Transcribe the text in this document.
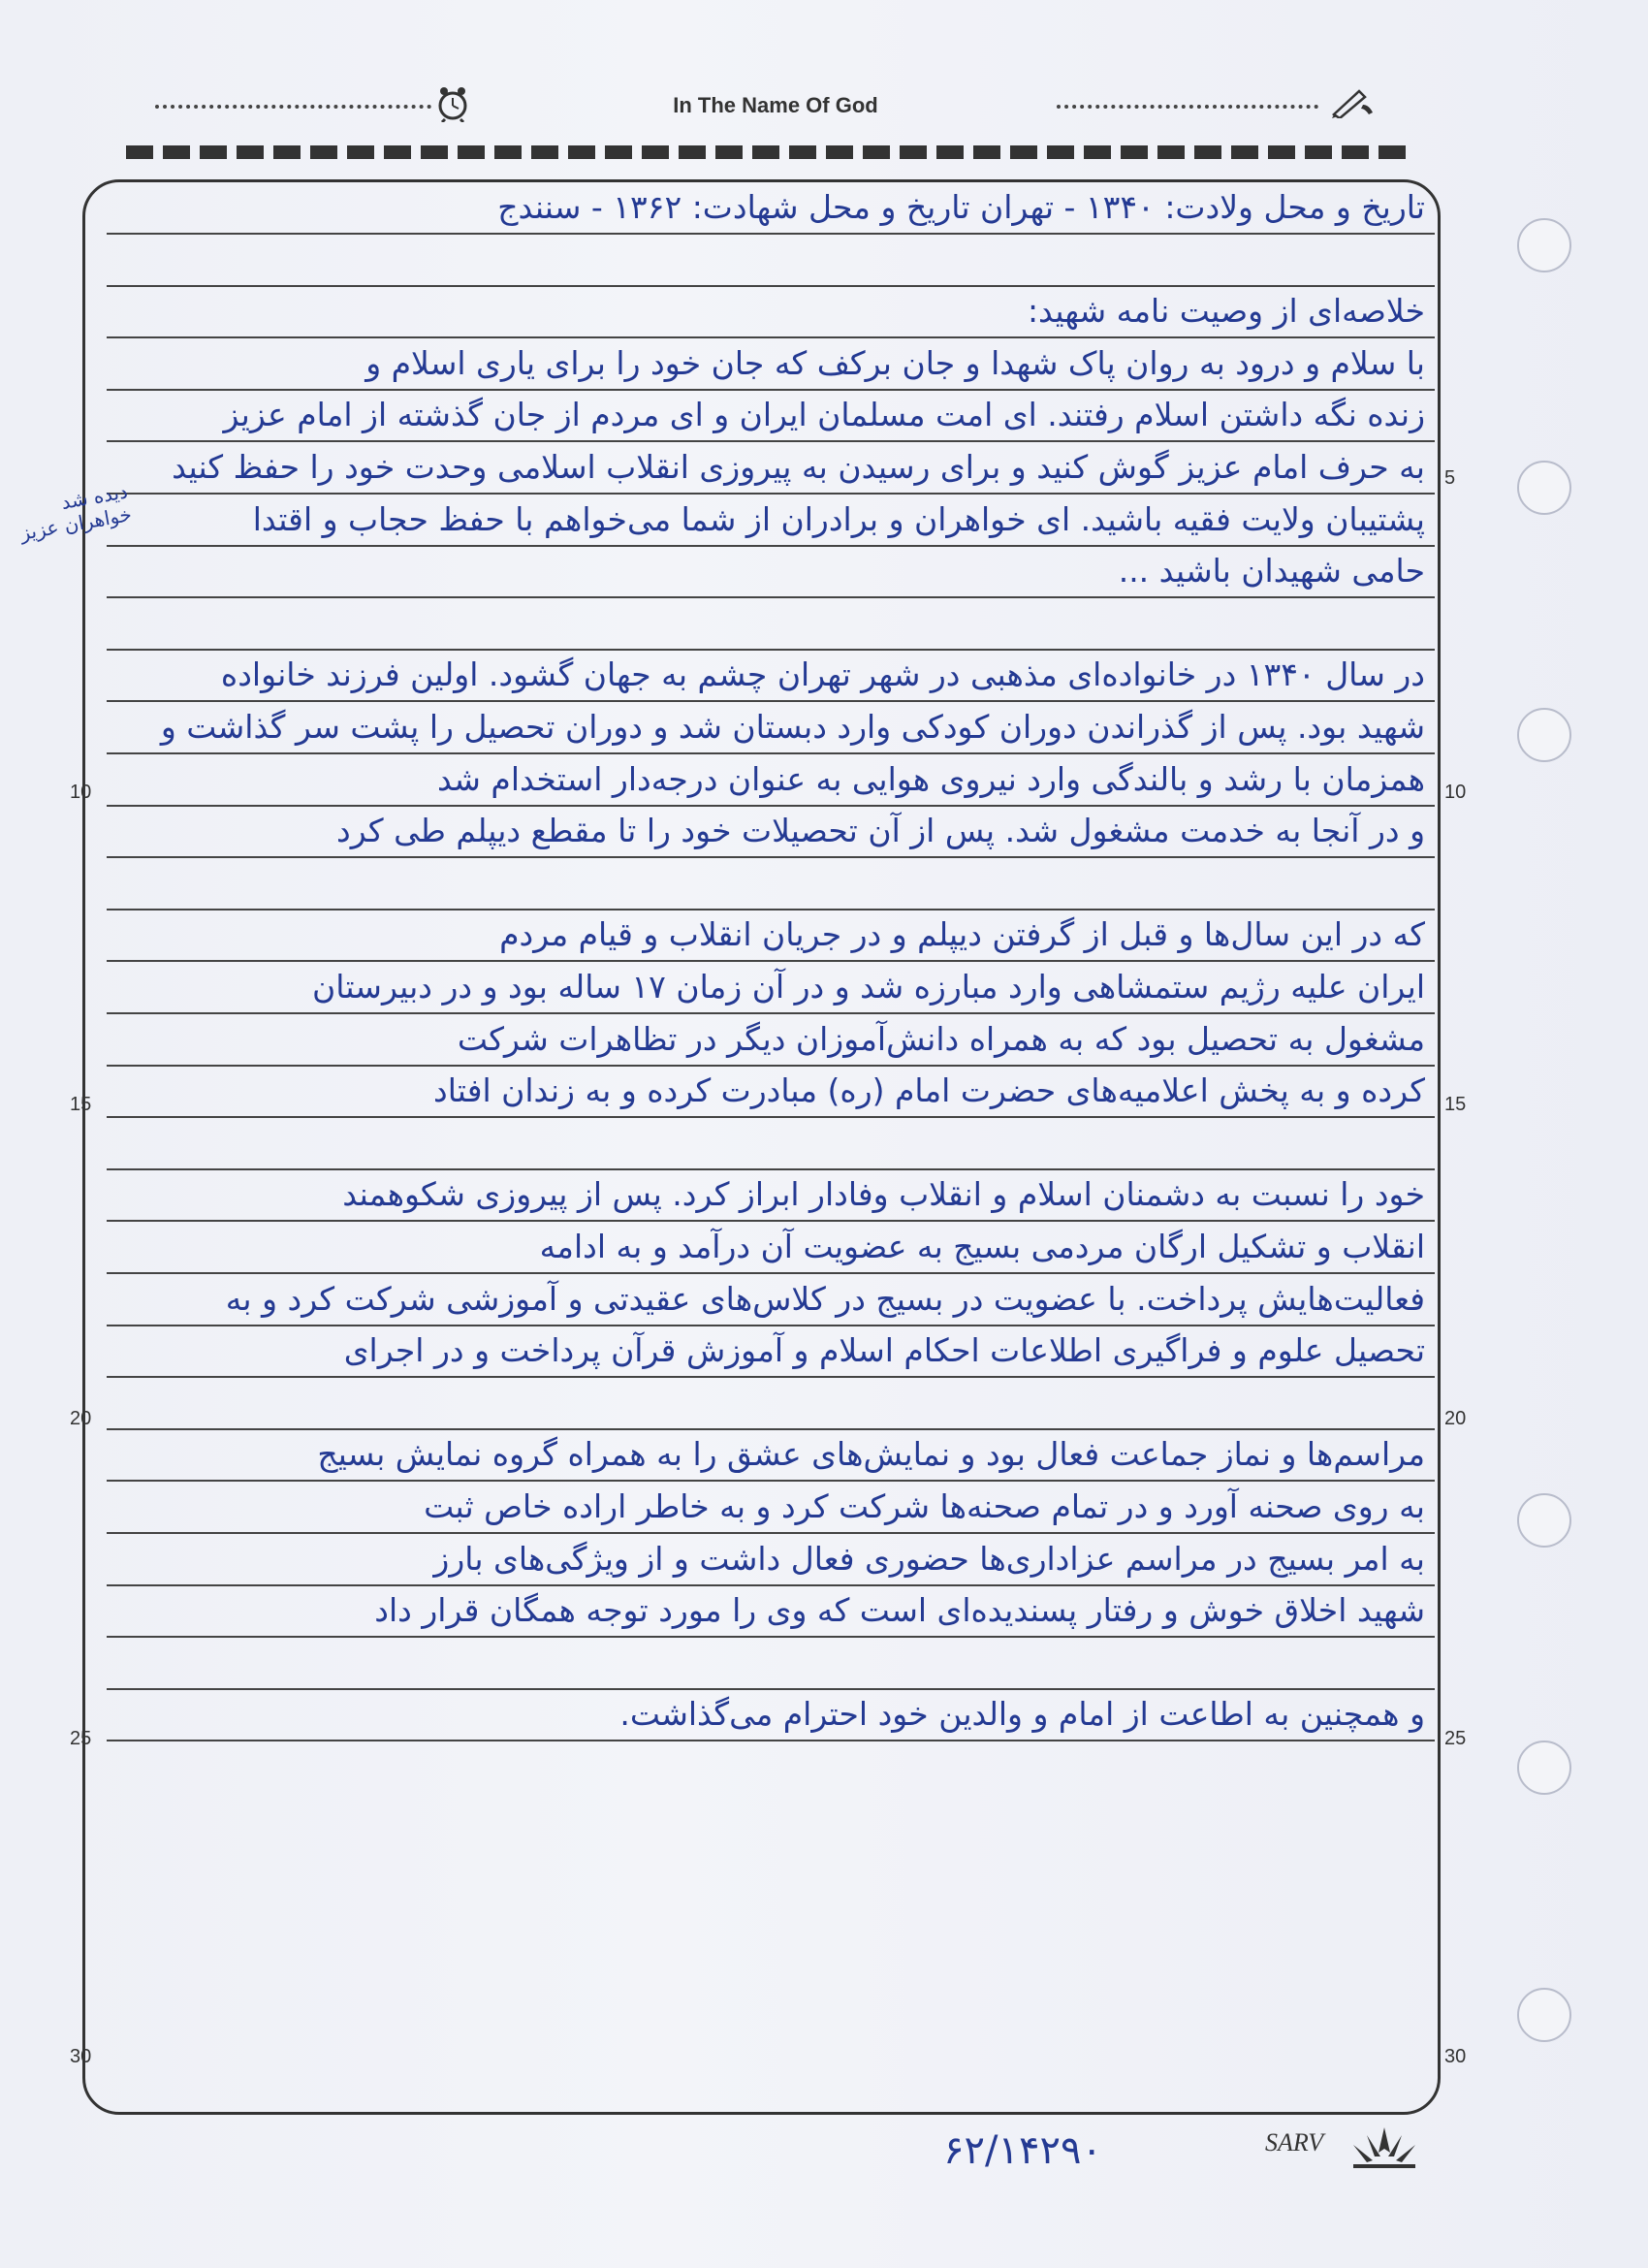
In The Name Of God
5
10	10
15	15
20	20
25	25
30	30
تاریخ و محل ولادت: ۱۳۴۰ - تهران تاریخ و محل شهادت: ۱۳۶۲ - سنندج
خلاصه‌ای از وصیت نامه شهید:
با سلام و درود به روان پاک شهدا و جان برکف که جان خود را برای یاری اسلام و
زنده نگه داشتن اسلام رفتند. ای امت مسلمان ایران و ای مردم از جان گذشته از امام عزیز
به حرف امام عزیز گوش کنید و برای رسیدن به پیروزی انقلاب اسلامی وحدت خود را حفظ کنید
پشتیبان ولایت فقیه باشید. ای خواهران و برادران از شما می‌خواهم با حفظ حجاب و اقتدا
حامی شهیدان باشید ...
در سال ۱۳۴۰ در خانواده‌ای مذهبی در شهر تهران چشم به جهان گشود. اولین فرزند خانواده
شهید بود. پس از گذراندن دوران کودکی وارد دبستان شد و دوران تحصیل را پشت سر گذاشت و
همزمان با رشد و بالندگی وارد نیروی هوایی به عنوان درجه‌دار استخدام شد
و در آنجا به خدمت مشغول شد. پس از آن تحصیلات خود را تا مقطع دیپلم طی کرد
که در این سال‌ها و قبل از گرفتن دیپلم و در جریان انقلاب و قیام مردم
ایران علیه رژیم ستمشاهی وارد مبارزه شد و در آن زمان ۱۷ ساله بود و در دبیرستان
مشغول به تحصیل بود که به همراه دانش‌آموزان دیگر در تظاهرات شرکت
کرده و به پخش اعلامیه‌های حضرت امام (ره) مبادرت کرده و به زندان افتاد
خود را نسبت به دشمنان اسلام و انقلاب وفادار ابراز کرد. پس از پیروزی شکوهمند
انقلاب و تشکیل ارگان مردمی بسیج به عضویت آن درآمد و به ادامه
فعالیت‌هایش پرداخت. با عضویت در بسیج در کلاس‌های عقیدتی و آموزشی شرکت کرد و به
تحصیل علوم و فراگیری اطلاعات احکام اسلام و آموزش قرآن پرداخت و در اجرای
مراسم‌ها و نماز جماعت فعال بود و نمایش‌های عشق را به همراه گروه نمایش بسیج
به روی صحنه آورد و در تمام صحنه‌ها شرکت کرد و به خاطر اراده خاص ثبت
به امر بسیج در مراسم عزاداری‌ها حضوری فعال داشت و از ویژگی‌های بارز
شهید اخلاق خوش و رفتار پسندیده‌ای است که وی را مورد توجه همگان قرار داد
و همچنین به اطاعت از امام و والدین خود احترام می‌گذاشت.
دیده شد خواهران عزیز
۶۲/۱۴۲۹۰	SARV
